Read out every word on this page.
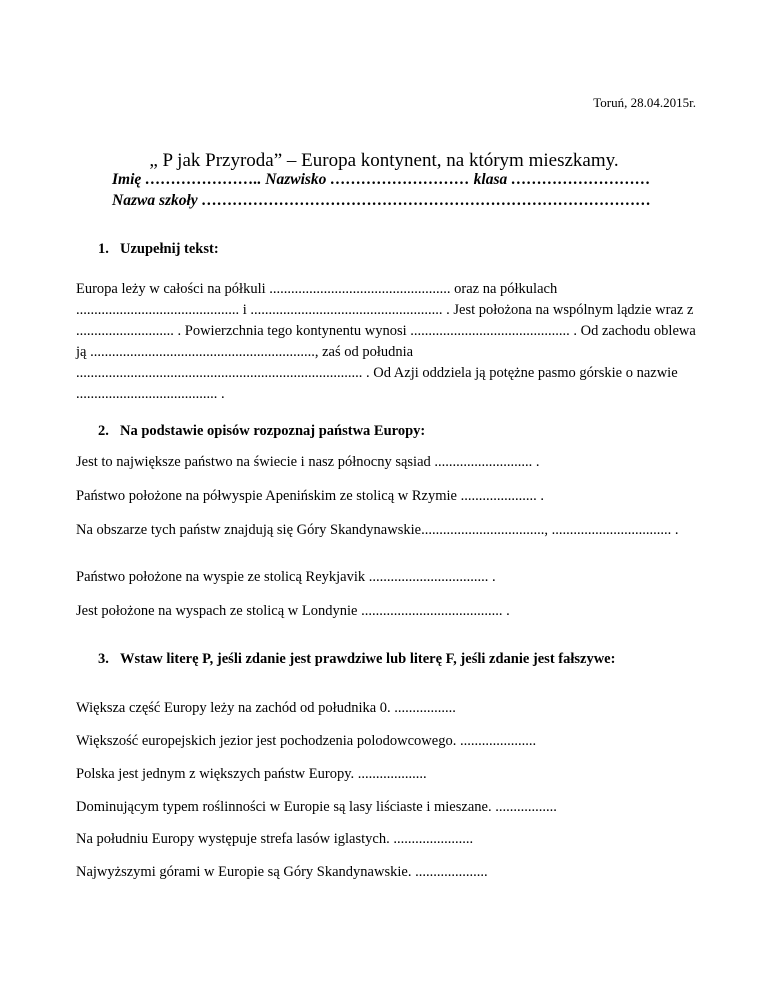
Toruń, 28.04.2015r.
„ P jak Przyroda” – Europa kontynent, na którym mieszkamy.
Imię ………………….. Nazwisko ……………………… klasa ………………………
Nazwa szkoły ……………………………………………………………………………
1. Uzupełnij tekst:
Europa leży w całości na półkuli .................................................. oraz na półkulach ............................................. i ..................................................... . Jest położona na wspólnym lądzie wraz z ........................... . Powierzchnia tego kontynentu wynosi ............................................ . Od zachodu oblewa ją .............................................................., zaś od południa ............................................................................... . Od Azji oddziela ją potężne pasmo górskie o nazwie ....................................... .
2. Na podstawie opisów rozpoznaj państwa Europy:
Jest to największe państwo na świecie i nasz północny sąsiad ........................... .
Państwo położone na półwyspie Apenińskim ze stolicą w Rzymie ..................... .
Na obszarze tych państw znajdują się Góry Skandynawskie.................................., ................................. .
Państwo położone na wyspie ze stolicą Reykjavik ................................. .
Jest położone na wyspach ze stolicą w Londynie ....................................... .
3. Wstaw literę P, jeśli zdanie jest prawdziwe lub literę F, jeśli zdanie jest fałszywe:
Większa część Europy leży na zachód od południka 0. .................
Większość europejskich jezior jest pochodzenia polodowcowego. .....................
Polska jest jednym z większych państw Europy. ...................
Dominującym typem roślinności w Europie są lasy liściaste i mieszane. .................
Na południu Europy występuje strefa lasów iglastych. ......................
Najwyższymi górami w Europie są Góry Skandynawskie. ....................
